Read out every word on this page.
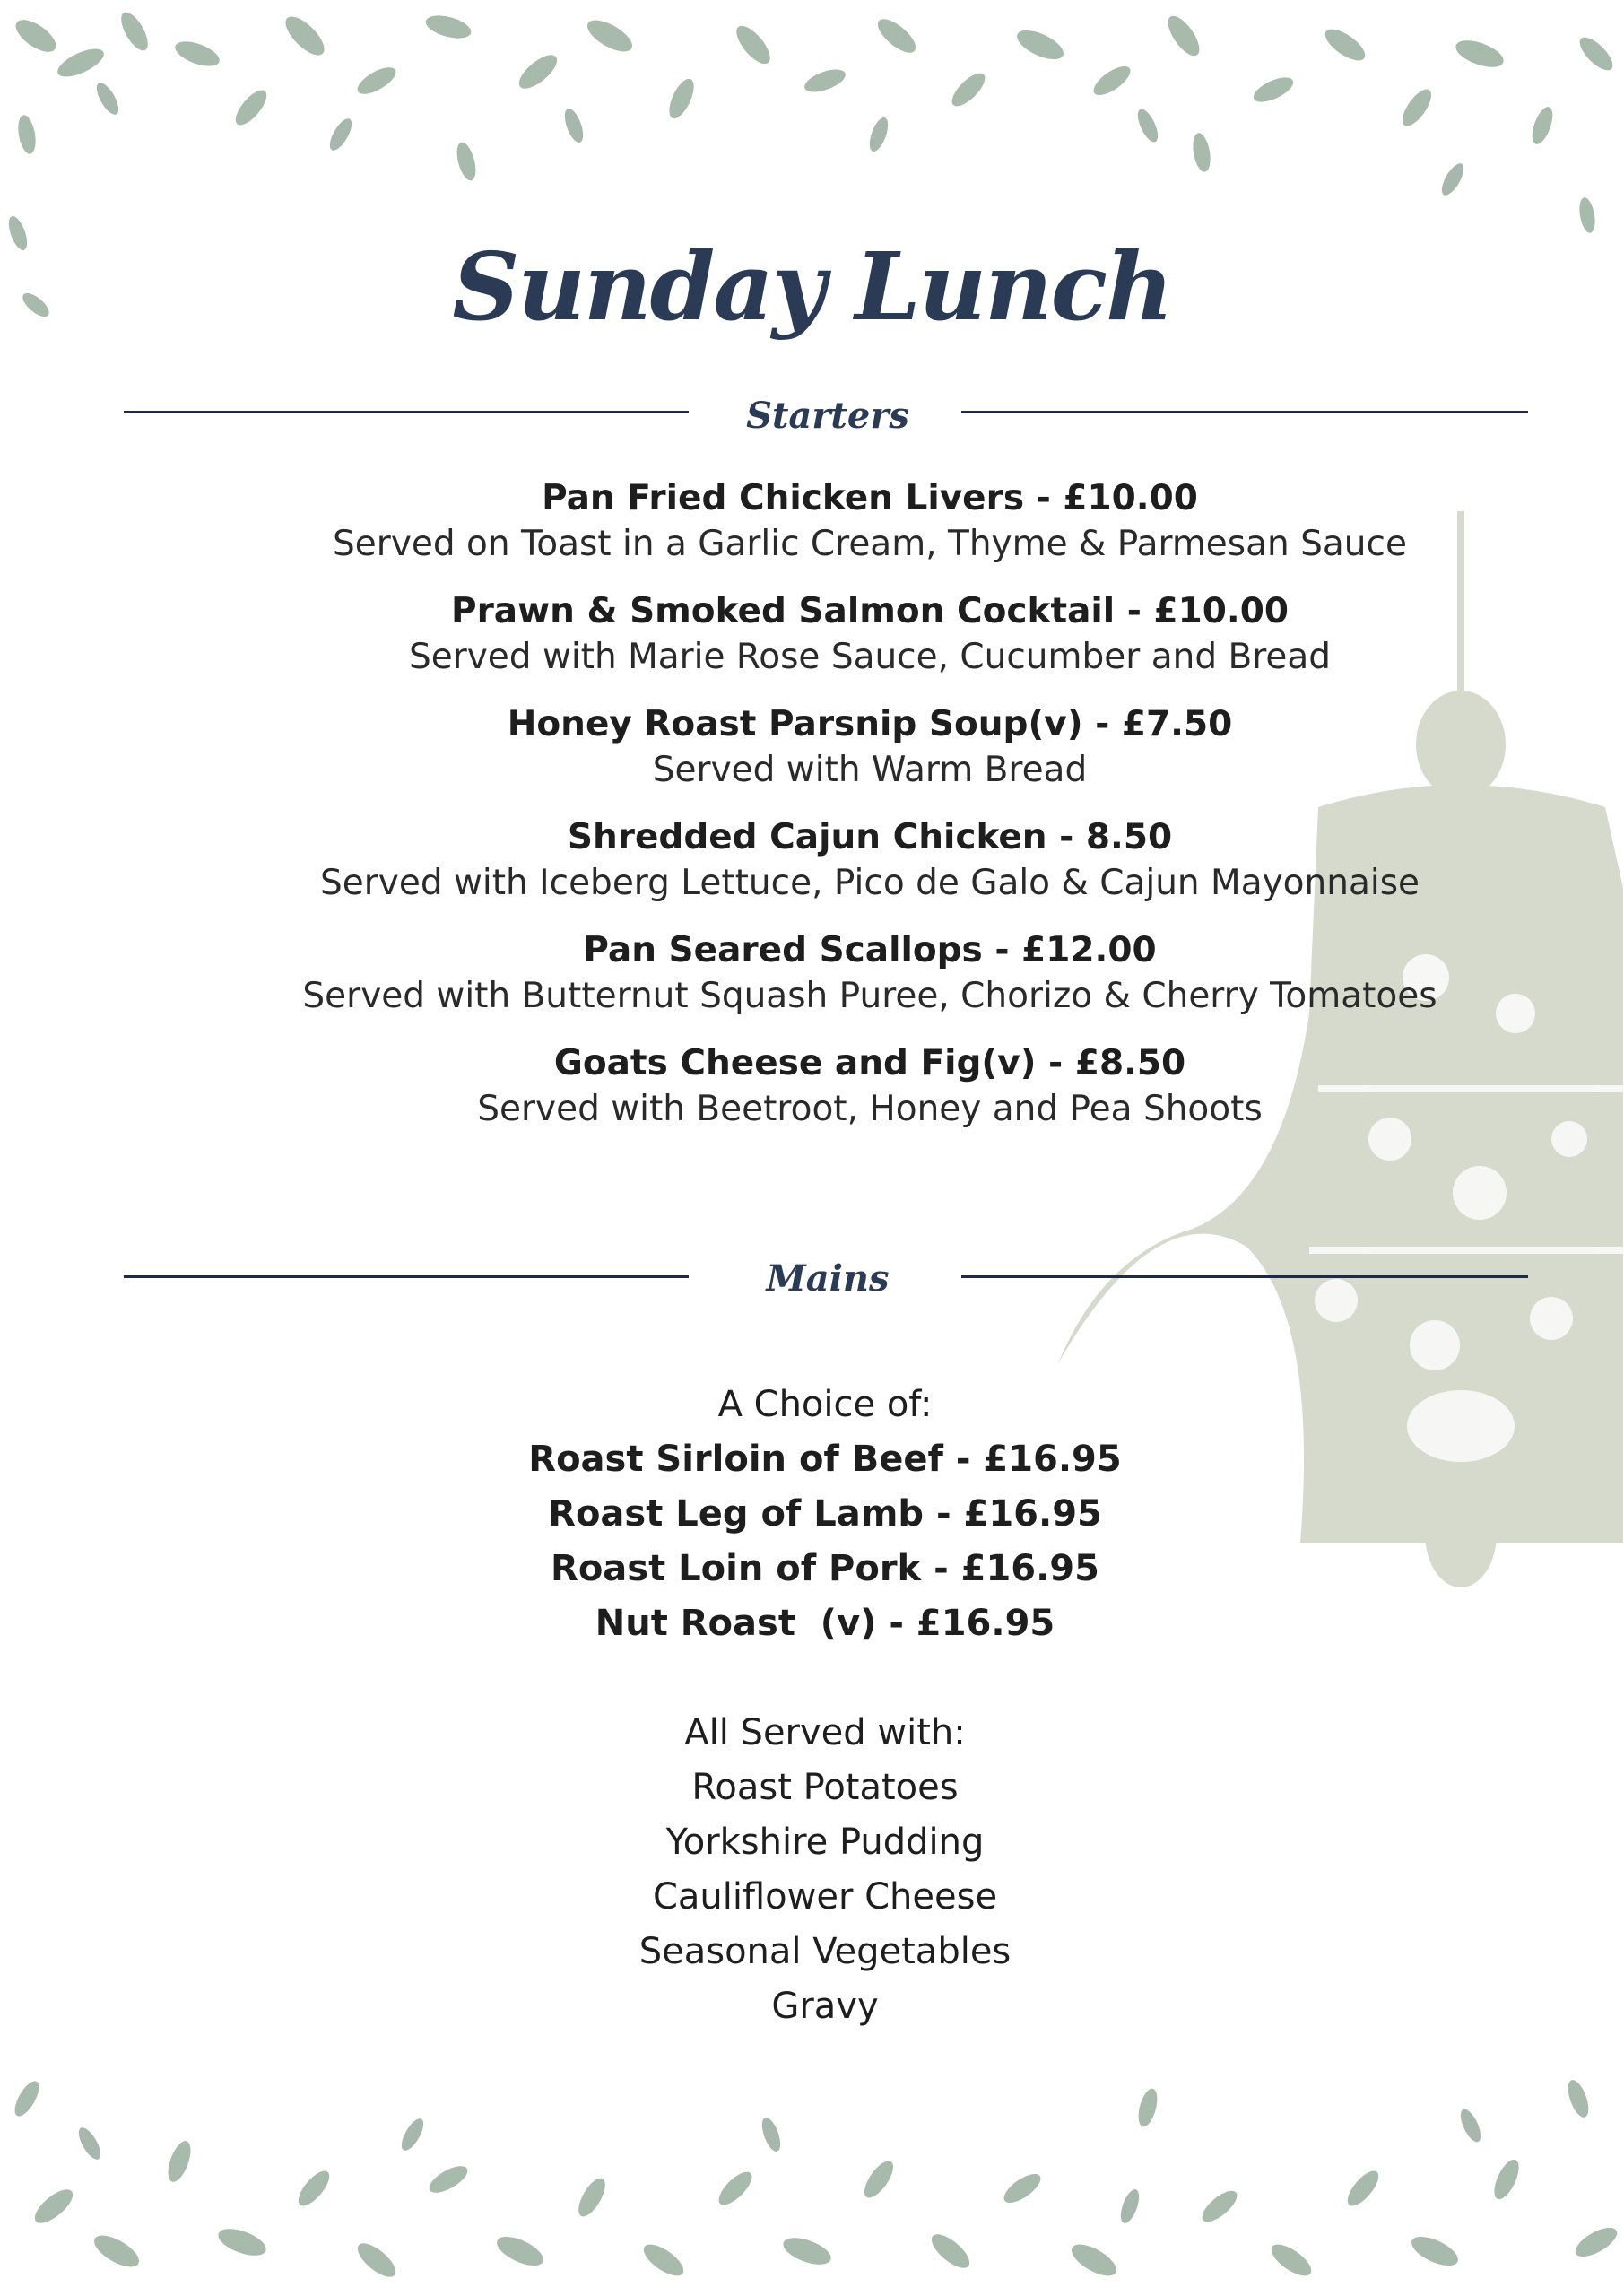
Sunday Lunch
Starters
Pan Fried Chicken Livers - £10.00
Served on Toast in a Garlic Cream, Thyme & Parmesan Sauce
Prawn & Smoked Salmon Cocktail - £10.00
Served with Marie Rose Sauce, Cucumber and Bread
Honey Roast Parsnip Soup(v) - £7.50
Served with Warm Bread
Shredded Cajun Chicken - 8.50
Served with Iceberg Lettuce, Pico de Galo & Cajun Mayonnaise
Pan Seared Scallops - £12.00
Served with Butternut Squash Puree, Chorizo & Cherry Tomatoes
Goats Cheese and Fig(v) - £8.50
Served with Beetroot, Honey and Pea Shoots
Mains
A Choice of:
Roast Sirloin of Beef - £16.95
Roast Leg of Lamb - £16.95
Roast Loin of Pork - £16.95
Nut Roast  (v) - £16.95
All Served with:
Roast Potatoes
Yorkshire Pudding
Cauliflower Cheese
Seasonal Vegetables
Gravy
